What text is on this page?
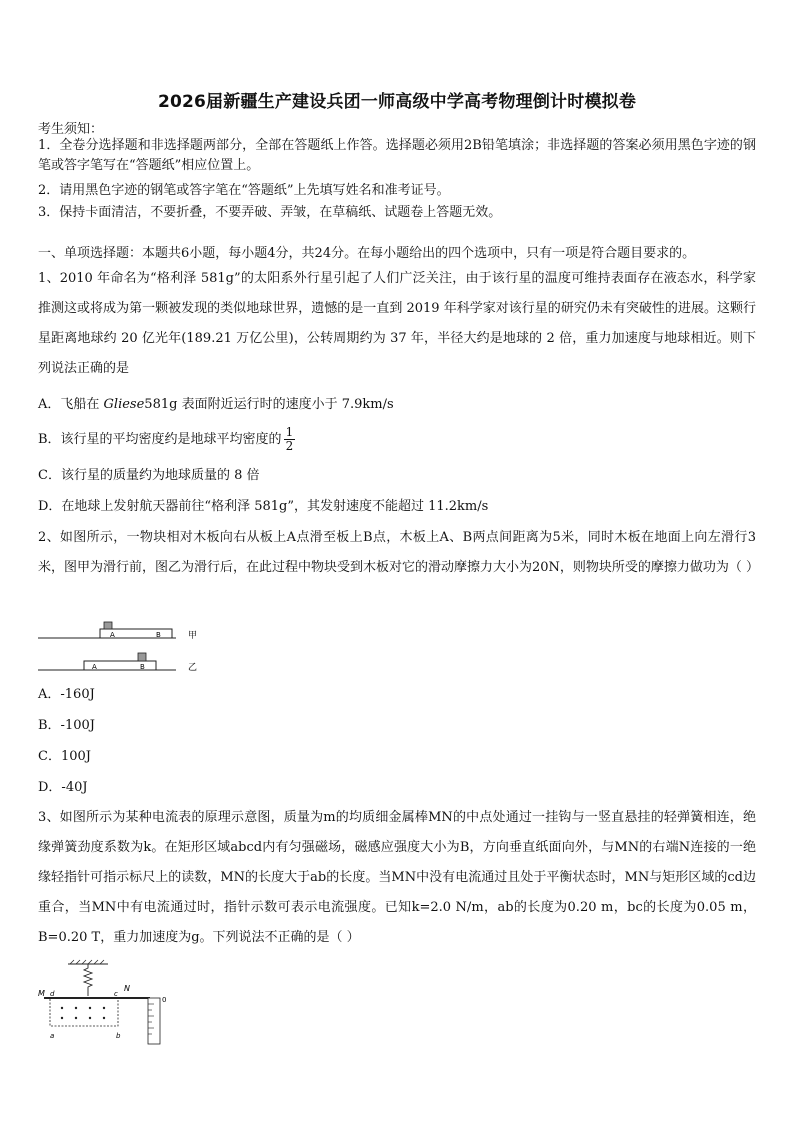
2026届新疆生产建设兵团一师高级中学高考物理倒计时模拟卷
考生须知：
1．全卷分选择题和非选择题两部分，全部在答题纸上作答。选择题必须用2B铅笔填涂；非选择题的答案必须用黑色字迹的钢笔或答字笔写在“答题纸”相应位置上。
2．请用黑色字迹的钢笔或答字笔在“答题纸”上先填写姓名和准考证号。
3．保持卡面清洁，不要折叠，不要弄破、弄皱，在草稿纸、试题卷上答题无效。
一、单项选择题：本题共6小题，每小题4分，共24分。在每小题给出的四个选项中，只有一项是符合题目要求的。
1、2010 年命名为“格利泽 581g”的太阳系外行星引起了人们广泛关注，由于该行星的温度可维持表面存在液态水，科学家推测这或将成为第一颗被发现的类似地球世界，遗憾的是一直到 2019 年科学家对该行星的研究仍未有突破性的进展。这颗行星距离地球约 20 亿光年(189.21 万亿公里)，公转周期约为 37 年，半径大约是地球的 2 倍，重力加速度与地球相近。则下列说法正确的是
A．飞船在 Gliese581g 表面附近运行时的速度小于 7.9km/s
B．该行星的平均密度约是地球平均密度的 $\frac{1}{2}$
C．该行星的质量约为地球质量的 8 倍
D．在地球上发射航天器前往“格利泽 581g”，其发射速度不能超过 11.2km/s
2、如图所示，一物块相对木板向右从板上A点滑至板上B点，木板上A、B两点间距离为5米，同时木板在地面上向左滑行3米，图甲为滑行前，图乙为滑行后，在此过程中物块受到木板对它的滑动摩擦力大小为20N，则物块所受的摩擦力做功为（ ）
A	B	甲
A	B	乙
A．-160J
B．-100J
C．100J
D．-40J
3、如图所示为某种电流表的原理示意图，质量为m的均质细金属棒MN的中点处通过一挂钩与一竖直悬挂的轻弹簧相连，绝缘弹簧劲度系数为k。在矩形区域abcd内有匀强磁场，磁感应强度大小为B，方向垂直纸面向外，与MN的右端N连接的一绝缘轻指针可指示标尺上的读数，MN的长度大于ab的长度。当MN中没有电流通过且处于平衡状态时，MN与矩形区域的cd边重合，当MN中有电流通过时，指针示数可表示电流强度。已知k=2.0 N/m，ab的长度为0.20 m，bc的长度为0.05 m，B=0.20 T，重力加速度为g。下列说法不正确的是（ ）
0
M d	c
N
a	b
